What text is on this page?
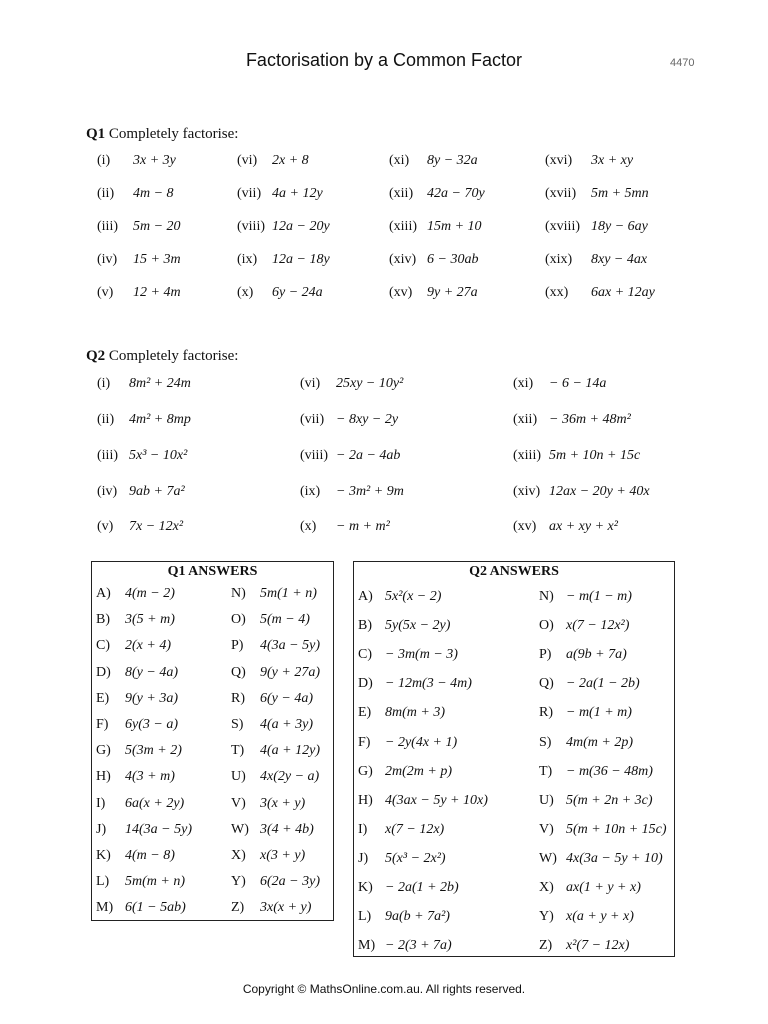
Factorisation by a Common Factor	4470
Q1 Completely factorise:
(i) 3x + 3y
(ii) 4m − 8
(iii) 5m − 20
(iv) 15 + 3m
(v) 12 + 4m
(vi) 2x + 8
(vii) 4a + 12y
(viii) 12a − 20y
(ix) 12a − 18y
(x) 6y − 24a
(xi) 8y − 32a
(xii) 42a − 70y
(xiii) 15m + 10
(xiv) 6 − 30ab
(xv) 9y + 27a
(xvi) 3x + xy
(xvii) 5m + 5mn
(xviii) 18y − 6ay
(xix) 8xy − 4ax
(xx) 6ax + 12ay
Q2 Completely factorise:
(i) 8m² + 24m
(ii) 4m² + 8mp
(iii) 5x³ − 10x²
(iv) 9ab + 7a²
(v) 7x − 12x²
(vi) 25xy − 10y²
(vii) − 8xy − 2y
(viii) − 2a − 4ab
(ix) − 3m² + 9m
(x) − m + m²
(xi) − 6 − 14a
(xii) − 36m + 48m²
(xiii) 5m + 10n + 15c
(xiv) 12ax − 20y + 40x
(xv) ax + xy + x²
Q1 ANSWERS
A) 4(m − 2)
B) 3(5 + m)
C) 2(x + 4)
D) 8(y − 4a)
E) 9(y + 3a)
F) 6y(3 − a)
G) 5(3m + 2)
H) 4(3 + m)
I) 6a(x + 2y)
J) 14(3a − 5y)
K) 4(m − 8)
L) 5m(m + n)
M) 6(1 − 5ab)
N) 5m(1 + n)
O) 5(m − 4)
P) 4(3a − 5y)
Q) 9(y + 27a)
R) 6(y − 4a)
S) 4(a + 3y)
T) 4(a + 12y)
U) 4x(2y − a)
V) 3(x + y)
W) 3(4 + 4b)
X) x(3 + y)
Y) 6(2a − 3y)
Z) 3x(x + y)
Q2 ANSWERS
A) 5x²(x − 2)
B) 5y(5x − 2y)
C) − 3m(m − 3)
D) − 12m(3 − 4m)
E) 8m(m + 3)
F) − 2y(4x + 1)
G) 2m(2m + p)
H) 4(3ax − 5y + 10x)
I) x(7 − 12x)
J) 5(x³ − 2x²)
K) − 2a(1 + 2b)
L) 9a(b + 7a²)
M) − 2(3 + 7a)
N) − m(1 − m)
O) x(7 − 12x²)
P) a(9b + 7a)
Q) − 2a(1 − 2b)
R) − m(1 + m)
S) 4m(m + 2p)
T) − m(36 − 48m)
U) 5(m + 2n + 3c)
V) 5(m + 10n + 15c)
W) 4x(3a − 5y + 10)
X) ax(1 + y + x)
Y) x(a + y + x)
Z) x²(7 − 12x)
Copyright © MathsOnline.com.au. All rights reserved.
